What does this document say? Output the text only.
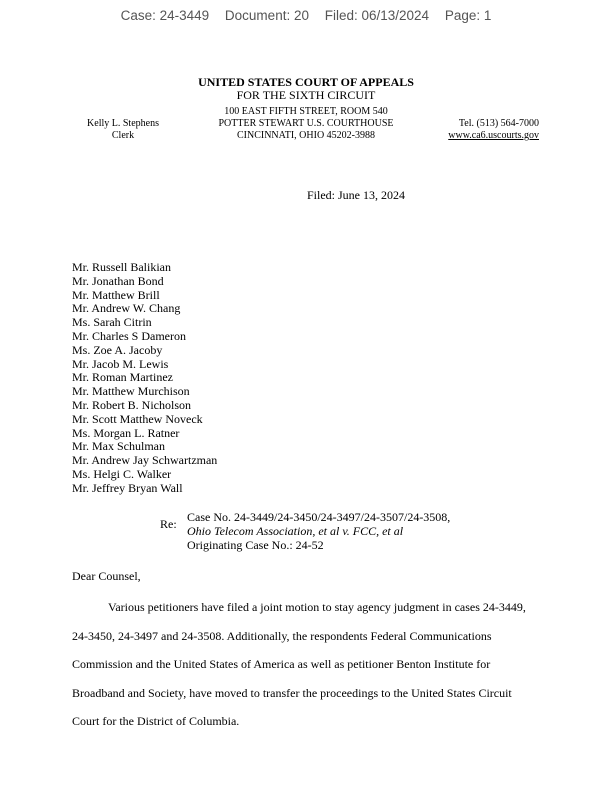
Case: 24-3449 Document: 20 Filed: 06/13/2024 Page: 1
UNITED STATES COURT OF APPEALS
FOR THE SIXTH CIRCUIT
100 EAST FIFTH STREET, ROOM 540
POTTER STEWART U.S. COURTHOUSE
CINCINNATI, OHIO 45202-3988
Kelly L. Stephens
Clerk
Tel. (513) 564-7000
www.ca6.uscourts.gov
Filed: June 13, 2024
Mr. Russell Balikian
Mr. Jonathan Bond
Mr. Matthew Brill
Mr. Andrew W. Chang
Ms. Sarah Citrin
Mr. Charles S Dameron
Ms. Zoe A. Jacoby
Mr. Jacob M. Lewis
Mr. Roman Martinez
Mr. Matthew Murchison
Mr. Robert B. Nicholson
Mr. Scott Matthew Noveck
Ms. Morgan L. Ratner
Mr. Max Schulman
Mr. Andrew Jay Schwartzman
Ms. Helgi C. Walker
Mr. Jeffrey Bryan Wall
Re: Case No. 24-3449/24-3450/24-3497/24-3507/24-3508,
Ohio Telecom Association, et al v. FCC, et al
Originating Case No.: 24-52
Dear Counsel,
Various petitioners have filed a joint motion to stay agency judgment in cases 24-3449, 24-3450, 24-3497 and 24-3508. Additionally, the respondents Federal Communications Commission and the United States of America as well as petitioner Benton Institute for Broadband and Society, have moved to transfer the proceedings to the United States Circuit Court for the District of Columbia.
